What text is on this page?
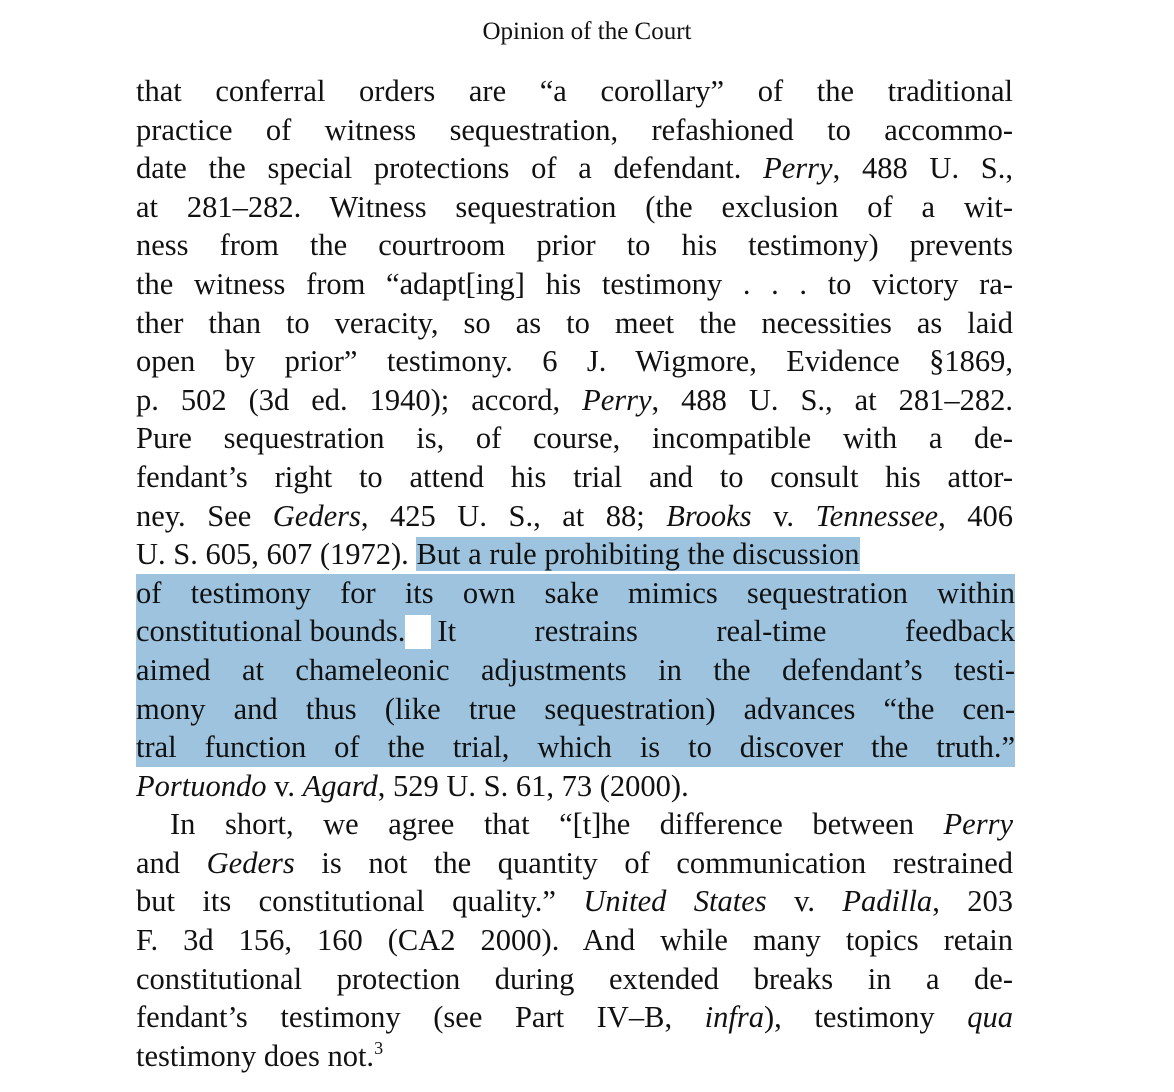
Opinion of the Court
that conferral orders are “a corollary” of the traditional
practice of witness sequestration, refashioned to accommo-
date the special protections of a defendant. Perry, 488 U. S.,
at 281–282. Witness sequestration (the exclusion of a wit-
ness from the courtroom prior to his testimony) prevents
the witness from “adapt[ing] his testimony . . . to victory ra-
ther than to veracity, so as to meet the necessities as laid
open by prior” testimony. 6 J. Wigmore, Evidence §1869,
p. 502 (3d ed. 1940); accord, Perry, 488 U. S., at 281–282.
Pure sequestration is, of course, incompatible with a de-
fendant’s right to attend his trial and to consult his attor-
ney. See Geders, 425 U. S., at 88; Brooks v. Tennessee, 406
U. S. 605, 607 (1972). But a rule prohibiting the discussion
of testimony for its own sake mimics sequestration within
constitutional bounds. It restrains real-time feedback
aimed at chameleonic adjustments in the defendant’s testi-
mony and thus (like true sequestration) advances “the cen-
tral function of the trial, which is to discover the truth.”
Portuondo v. Agard, 529 U. S. 61, 73 (2000).
In short, we agree that “[t]he difference between Perry
and Geders is not the quantity of communication restrained
but its constitutional quality.” United States v. Padilla, 203
F. 3d 156, 160 (CA2 2000). And while many topics retain
constitutional protection during extended breaks in a de-
fendant’s testimony (see Part IV–B, infra), testimony qua
testimony does not.$^3$
